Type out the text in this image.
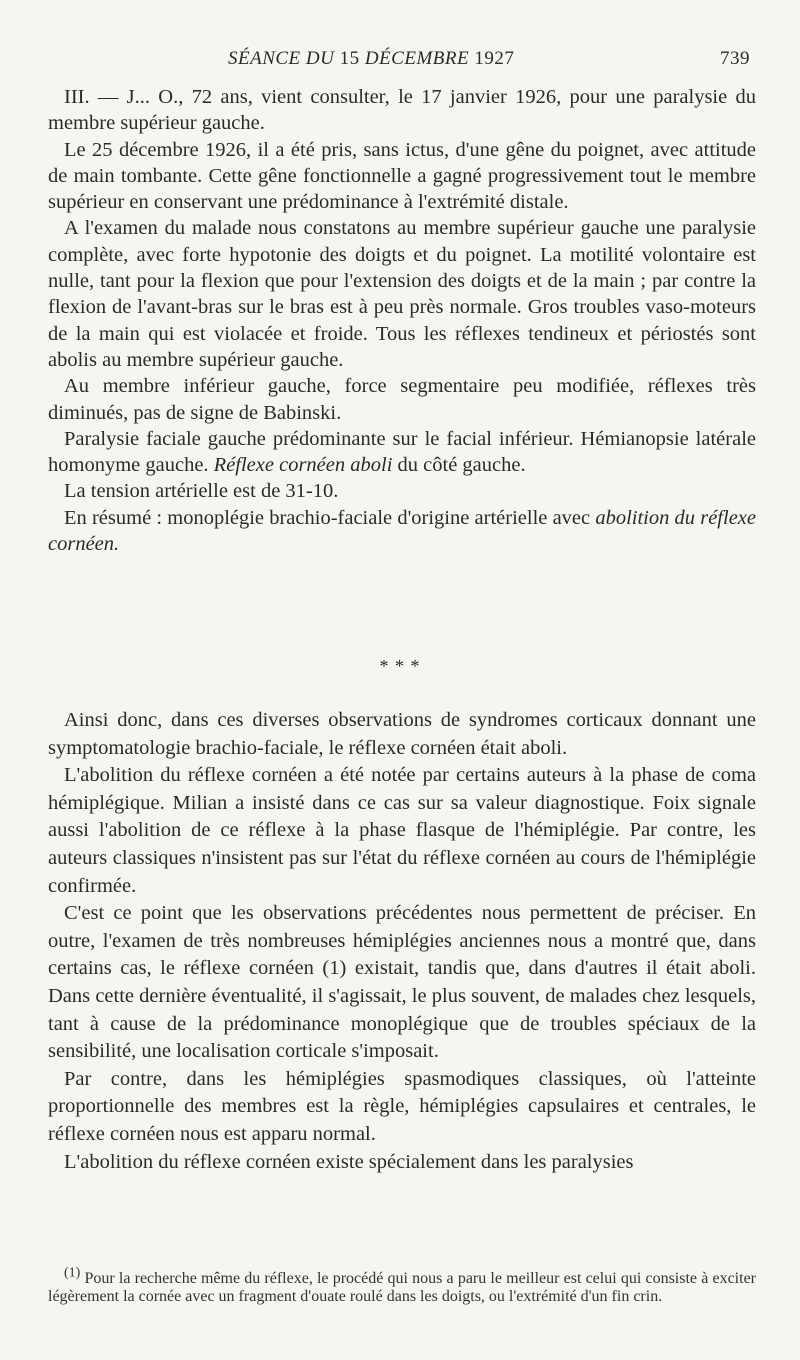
SÉANCE DU 15 DÉCEMBRE 1927	739

III. — J... O., 72 ans, vient consulter, le 17 janvier 1926, pour une paralysie du membre supérieur gauche.

Le 25 décembre 1926, il a été pris, sans ictus, d'une gêne du poignet, avec attitude de main tombante. Cette gêne fonctionnelle a gagné progressivement tout le membre supérieur en conservant une prédominance à l'extrémité distale.

A l'examen du malade nous constatons au membre supérieur gauche une paralysie complète, avec forte hypotonie des doigts et du poignet. La motilité volontaire est nulle, tant pour la flexion que pour l'extension des doigts et de la main ; par contre la flexion de l'avant-bras sur le bras est à peu près normale. Gros troubles vaso-moteurs de la main qui est violacée et froide. Tous les réflexes tendineux et périostés sont abolis au membre supérieur gauche.

Au membre inférieur gauche, force segmentaire peu modifiée, réflexes très diminués, pas de signe de Babinski.

Paralysie faciale gauche prédominante sur le facial inférieur. Hémianopsie latérale homonyme gauche. Réflexe cornéen aboli du côté gauche.

La tension artérielle est de 31-10.

En résumé : monoplégie brachio-faciale d'origine artérielle avec abolition du réflexe cornéen.

* * *

Ainsi donc, dans ces diverses observations de syndromes corticaux donnant une symptomatologie brachio-faciale, le réflexe cornéen était aboli.

L'abolition du réflexe cornéen a été notée par certains auteurs à la phase de coma hémiplégique. Milian a insisté dans ce cas sur sa valeur diagnostique. Foix signale aussi l'abolition de ce réflexe à la phase flasque de l'hémiplégie. Par contre, les auteurs classiques n'insistent pas sur l'état du réflexe cornéen au cours de l'hémiplégie confirmée.

C'est ce point que les observations précédentes nous permettent de préciser. En outre, l'examen de très nombreuses hémiplégies anciennes nous a montré que, dans certains cas, le réflexe cornéen (1) existait, tandis que, dans d'autres il était aboli. Dans cette dernière éventualité, il s'agissait, le plus souvent, de malades chez lesquels, tant à cause de la prédominance monoplégique que de troubles spéciaux de la sensibilité, une localisation corticale s'imposait.

Par contre, dans les hémiplégies spasmodiques classiques, où l'atteinte proportionnelle des membres est la règle, hémiplégies capsulaires et centrales, le réflexe cornéen nous est apparu normal.

L'abolition du réflexe cornéen existe spécialement dans les paralysies

(1) Pour la recherche même du réflexe, le procédé qui nous a paru le meilleur est celui qui consiste à exciter légèrement la cornée avec un fragment d'ouate roulé dans les doigts, ou l'extrémité d'un fin crin.
